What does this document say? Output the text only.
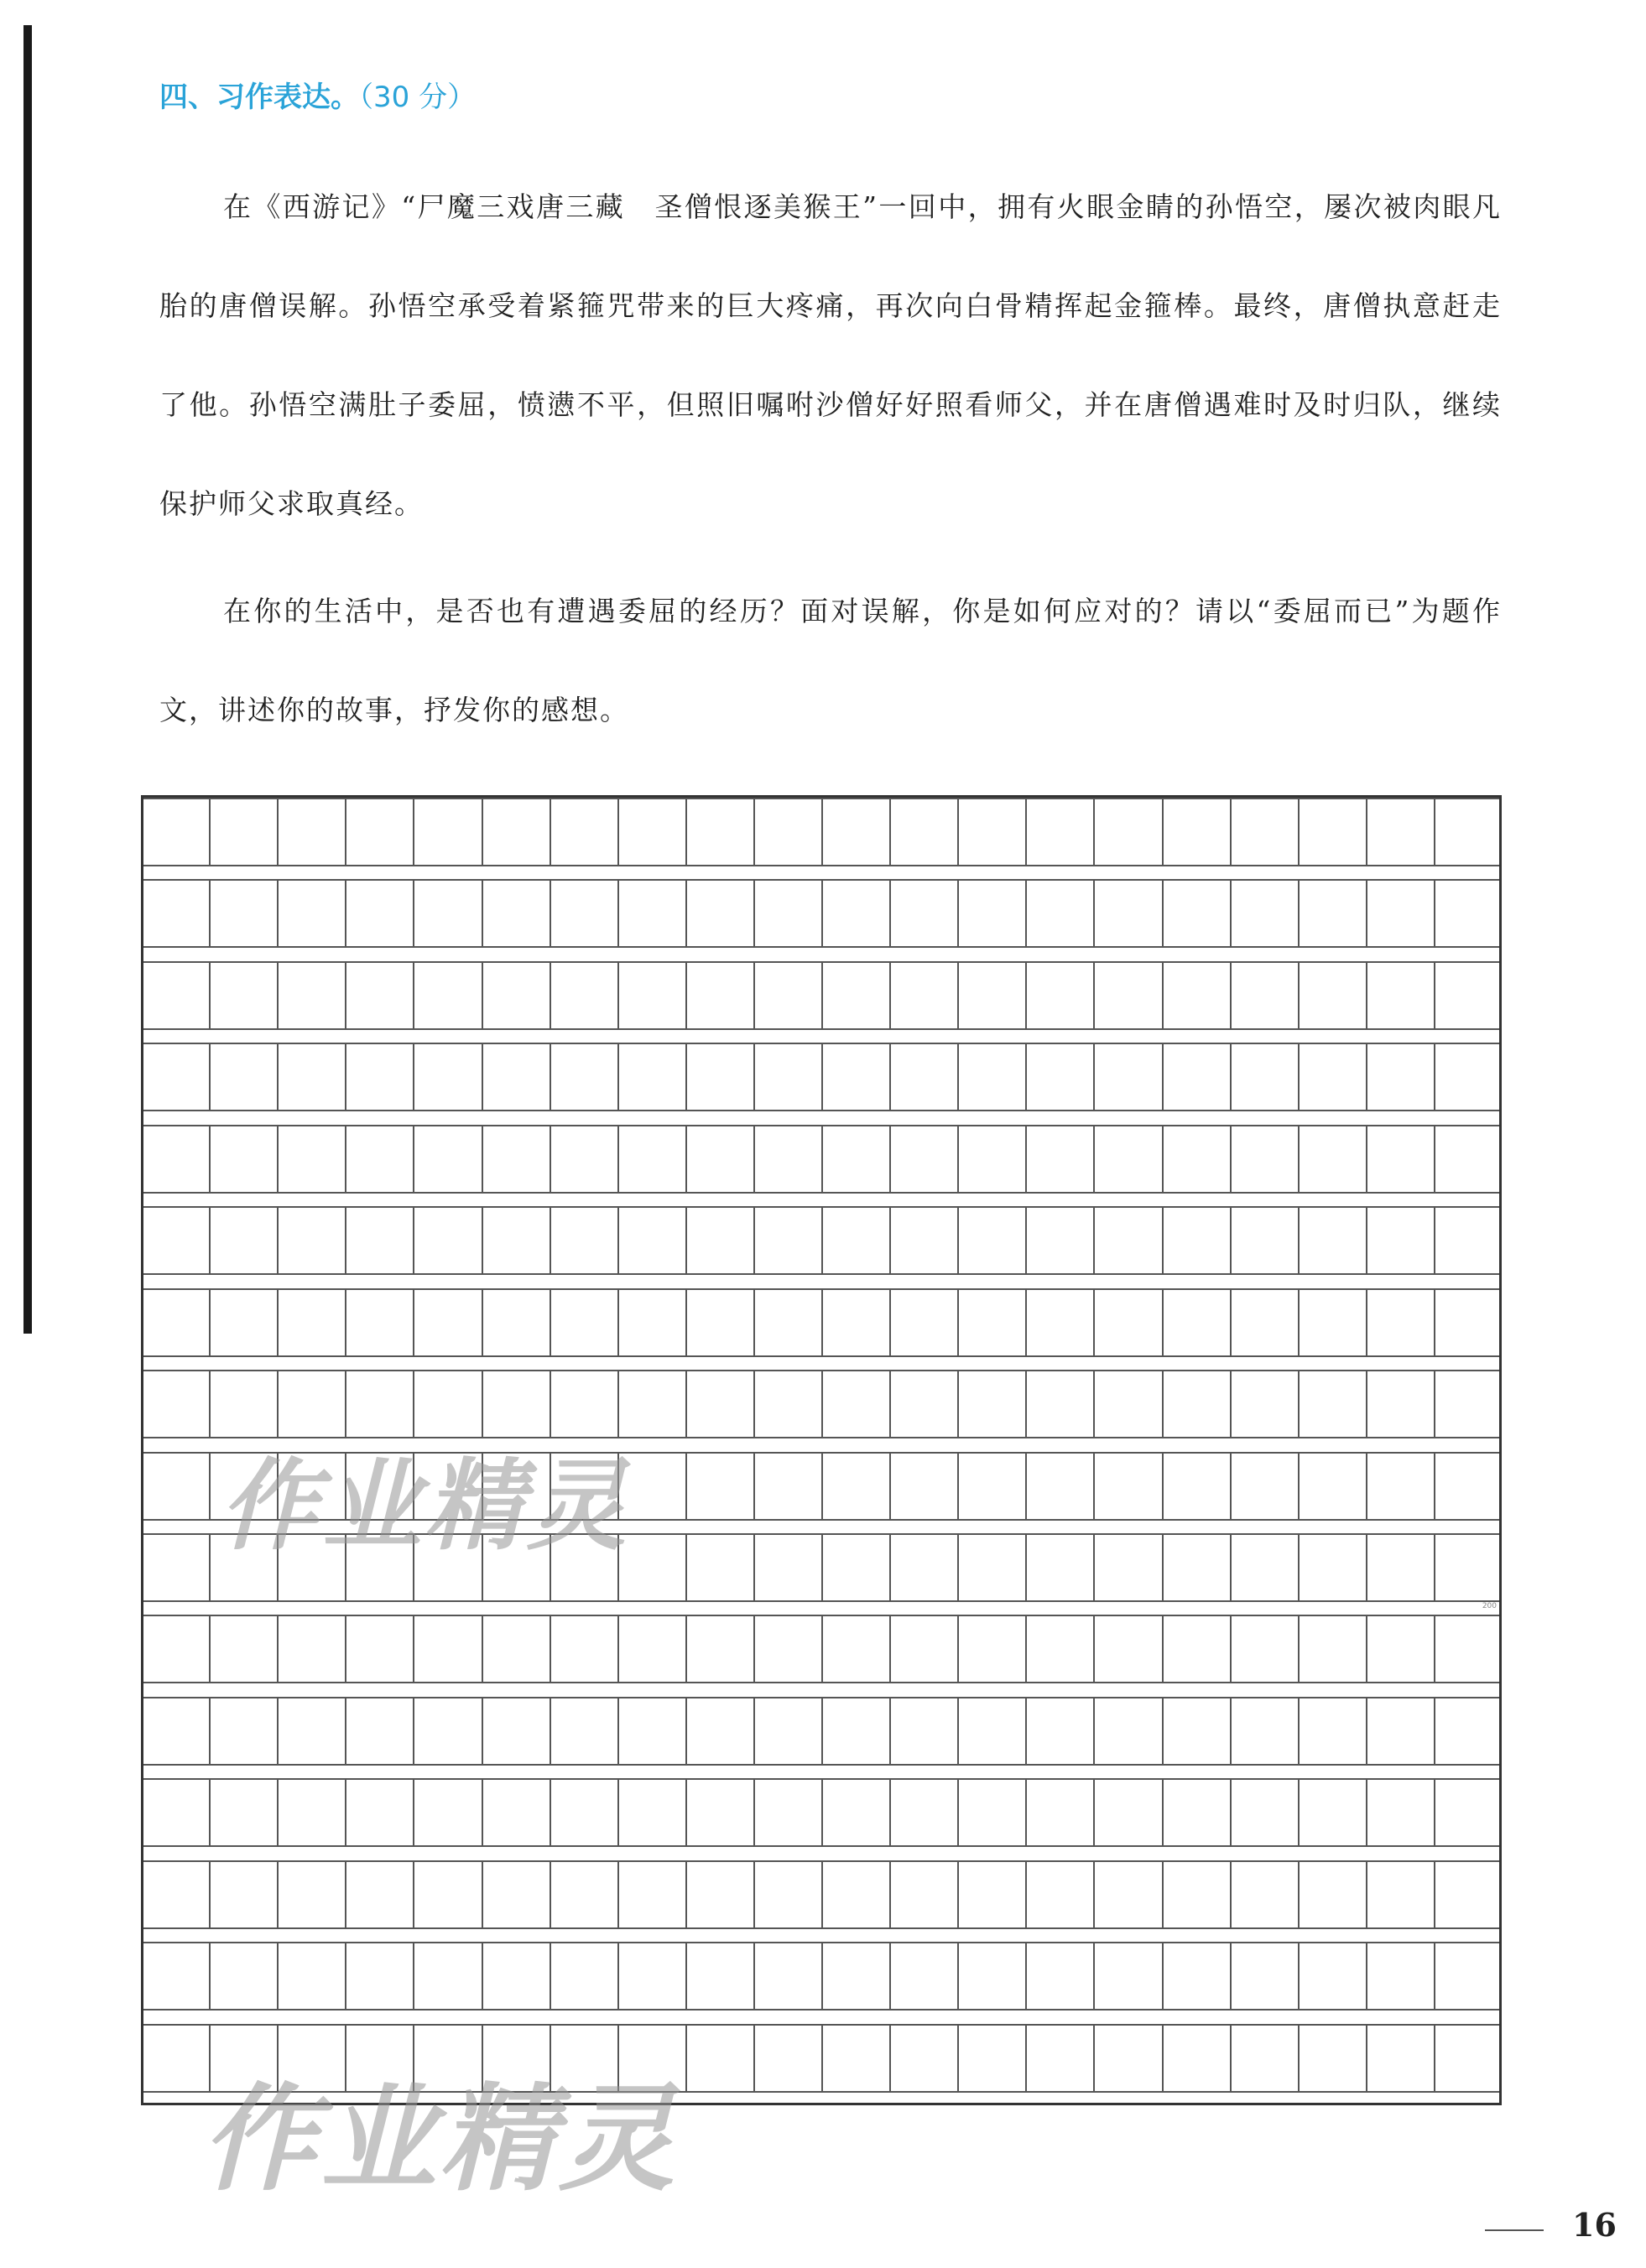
四、习作表达。（30 分）

在《西游记》“尸魔三戏唐三藏　圣僧恨逐美猴王”一回中，拥有火眼金睛的孙悟空，屡次被肉眼凡胎的唐僧误解。孙悟空承受着紧箍咒带来的巨大疼痛，再次向白骨精挥起金箍棒。最终，唐僧执意赶走了他。孙悟空满肚子委屈，愤懑不平，但照旧嘱咐沙僧好好照看师父，并在唐僧遇难时及时归队，继续保护师父求取真经。

在你的生活中，是否也有遭遇委屈的经历？面对误解，你是如何应对的？请以“委屈而已”为题作文，讲述你的故事，抒发你的感想。

200
作业精灵
作业精灵
16
